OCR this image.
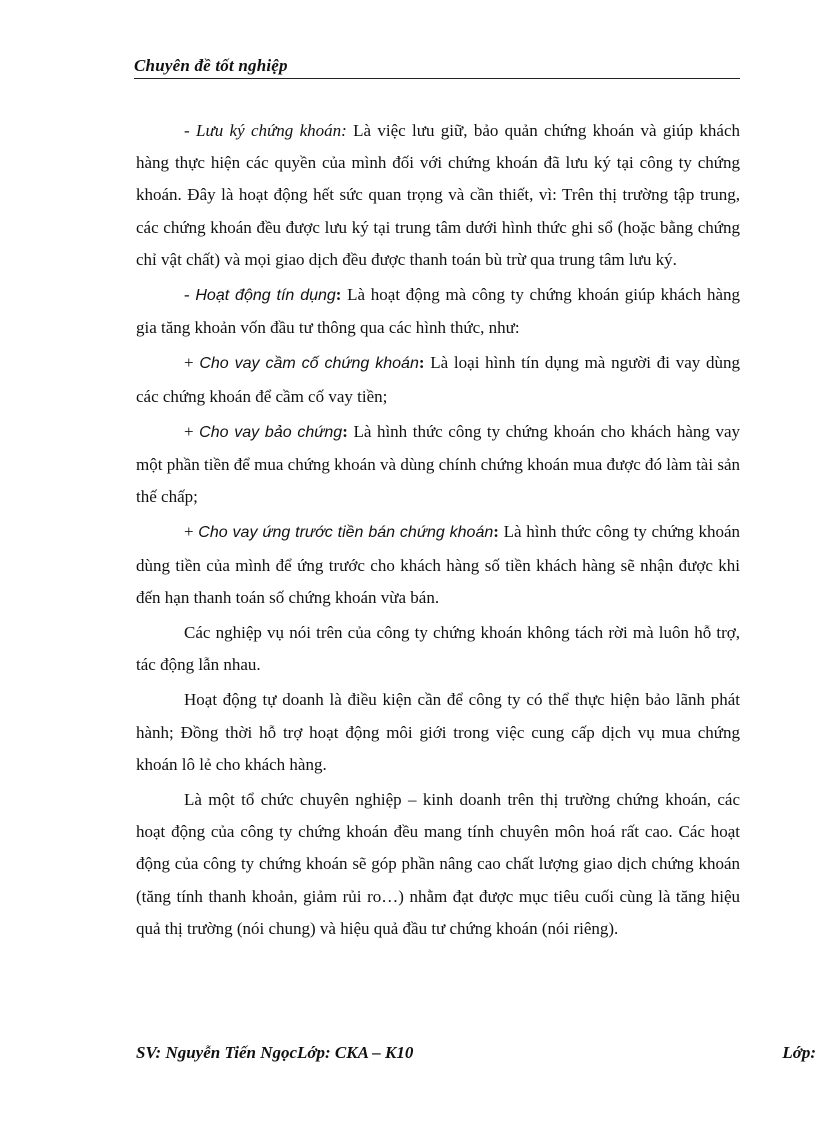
Chuyên đề tốt nghiệp

- Lưu ký chứng khoán: Là việc lưu giữ, bảo quản chứng khoán và giúp khách hàng thực hiện các quyền của mình đối với chứng khoán đã lưu ký tại công ty chứng khoán. Đây là hoạt động hết sức quan trọng và cần thiết, vì: Trên thị trường tập trung, các chứng khoán đều được lưu ký tại trung tâm dưới hình thức ghi sổ (hoặc bằng chứng chỉ vật chất) và mọi giao dịch đều được thanh toán bù trừ qua trung tâm lưu ký.

- Hoạt động tín dụng: Là hoạt động mà công ty chứng khoán giúp khách hàng gia tăng khoản vốn đầu tư thông qua các hình thức, như:

+ Cho vay cầm cố chứng khoán: Là loại hình tín dụng mà người đi vay dùng các chứng khoán để cầm cố vay tiền;

+ Cho vay bảo chứng: Là hình thức công ty chứng khoán cho khách hàng vay một phần tiền để mua chứng khoán và dùng chính chứng khoán mua được đó làm tài sản thế chấp;

+ Cho vay ứng trước tiền bán chứng khoán: Là hình thức công ty chứng khoán dùng tiền của mình để ứng trước cho khách hàng số tiền khách hàng sẽ nhận được khi đến hạn thanh toán số chứng khoán vừa bán.

Các nghiệp vụ nói trên của công ty chứng khoán không tách rời mà luôn hỗ trợ, tác động lẫn nhau.

Hoạt động tự doanh là điều kiện cần để công ty có thể thực hiện bảo lãnh phát hành; Đồng thời hỗ trợ hoạt động môi giới trong việc cung cấp dịch vụ mua chứng khoán lô lẻ cho khách hàng.

Là một tổ chức chuyên nghiệp – kinh doanh trên thị trường chứng khoán, các hoạt động của công ty chứng khoán đều mang tính chuyên môn hoá rất cao. Các hoạt động của công ty chứng khoán sẽ góp phần nâng cao chất lượng giao dịch chứng khoán (tăng tính thanh khoản, giảm rủi ro…) nhằm đạt được mục tiêu cuối cùng là tăng hiệu quả thị trường (nói chung) và hiệu quả đầu tư chứng khoán (nói riêng).

SV: Nguyễn Tiến NgọcLớp: CKA – K10	Lớp:
